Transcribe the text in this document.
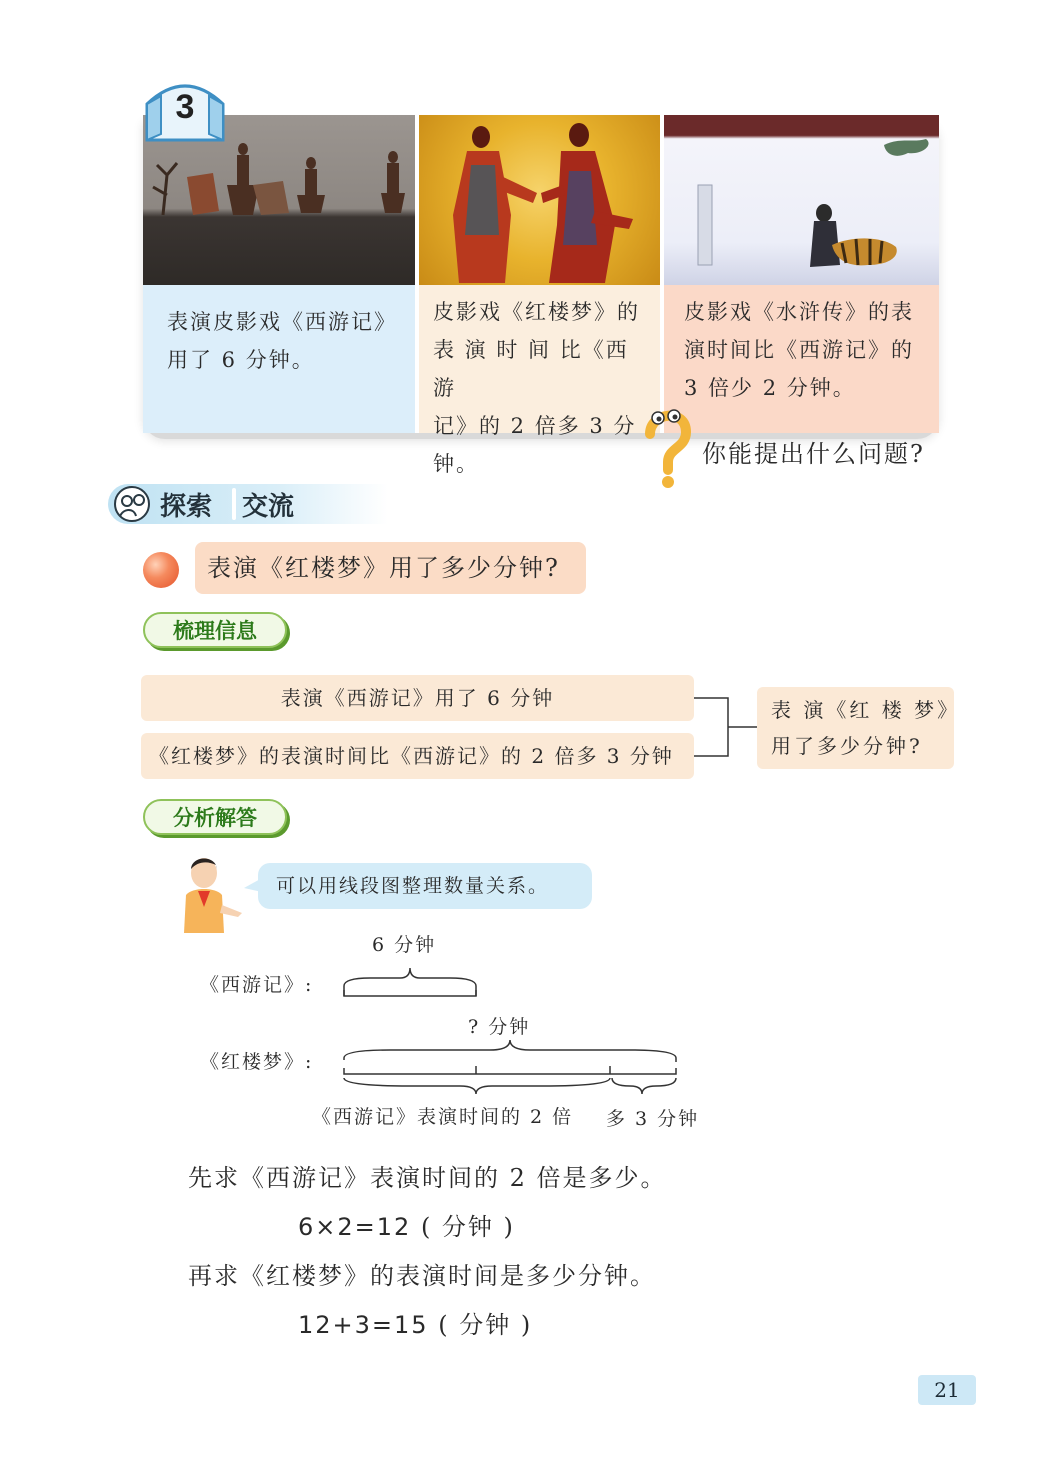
表演皮影戏《西游记》
用了 6 分钟。
皮影戏《红楼梦》的
表 演 时 间 比《西 游
记》的 2 倍多 3 分钟。
皮影戏《水浒传》的表
演时间比《西游记》的
3 倍少 2 分钟。
3
你能提出什么问题?
探索 交流
表演《红楼梦》用了多少分钟?
梳理信息
表演《西游记》用了 6 分钟
《红楼梦》的表演时间比《西游记》的 2 倍多 3 分钟
表 演《红 楼 梦》
用了多少分钟?
分析解答
可以用线段图整理数量关系。
6 分钟
《西游记》:
? 分钟
《红楼梦》:
《西游记》表演时间的 2 倍 多 3 分钟
先求《西游记》表演时间的 2 倍是多少。
6×2=12 ( 分钟 )
再求《红楼梦》的表演时间是多少分钟。
12+3=15 ( 分钟 )
21
